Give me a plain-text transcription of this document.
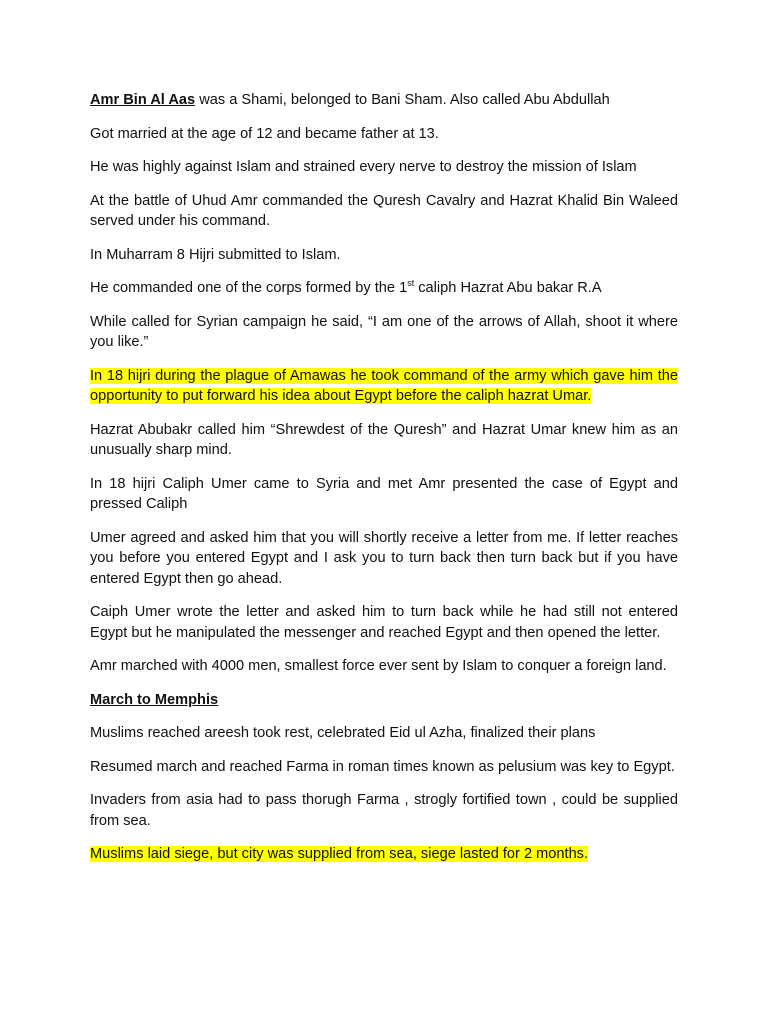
Amr Bin Al Aas was a Shami, belonged to Bani Sham. Also called Abu Abdullah

Got married at the age of 12 and became father at 13.

He was highly against Islam and strained every nerve to destroy the mission of Islam

At the battle of Uhud Amr commanded the Quresh Cavalry and Hazrat Khalid Bin Waleed served under his command.

In Muharram 8 Hijri submitted to Islam.

He commanded one of the corps formed by the 1st caliph Hazrat Abu bakar R.A

While called for Syrian campaign he said, “I am one of the arrows of Allah, shoot it where you like.”

In 18 hijri during the plague of Amawas he took command of the army which gave him the opportunity to put forward his idea about Egypt before the caliph hazrat Umar.

Hazrat Abubakr called him “Shrewdest of the Quresh” and Hazrat Umar knew him as an unusually sharp mind.

In 18 hijri Caliph Umer came to Syria and met Amr presented the case of Egypt and pressed Caliph

Umer agreed and asked him that you will shortly receive a letter from me. If letter reaches you before you entered Egypt and I ask you to turn back then turn back but if you have entered Egypt then go ahead.

Caiph Umer wrote the letter and asked him to turn back while he had still not entered Egypt but he manipulated the messenger and reached Egypt and then opened the letter.

Amr marched with 4000 men, smallest force ever sent by Islam to conquer a foreign land.

March to Memphis

Muslims reached areesh took rest, celebrated Eid ul Azha, finalized their plans

Resumed march and reached Farma in roman times known as pelusium was key to Egypt.

Invaders from asia had to pass thorugh Farma , strogly fortified town , could be supplied from sea.

Muslims laid siege, but city was supplied from sea, siege lasted for 2 months.
